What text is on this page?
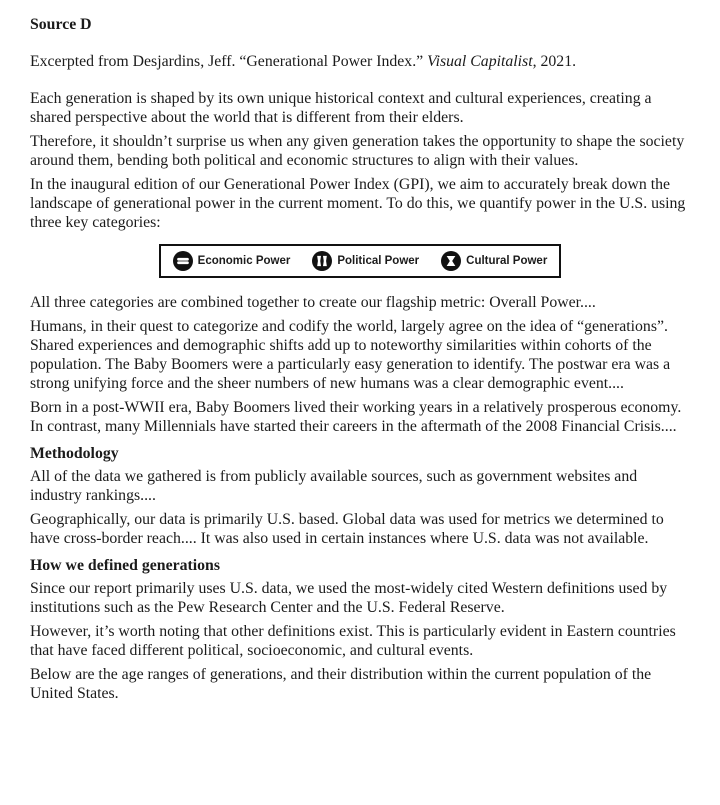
Source D

Excerpted from Desjardins, Jeff. “Generational Power Index.” Visual Capitalist, 2021.

Each generation is shaped by its own unique historical context and cultural experiences, creating a shared perspective about the world that is different from their elders.

Therefore, it shouldn’t surprise us when any given generation takes the opportunity to shape the society around them, bending both political and economic structures to align with their values.

In the inaugural edition of our Generational Power Index (GPI), we aim to accurately break down the landscape of generational power in the current moment. To do this, we quantify power in the U.S. using three key categories:

Economic Power	Political Power	Cultural Power

All three categories are combined together to create our flagship metric: Overall Power....

Humans, in their quest to categorize and codify the world, largely agree on the idea of “generations”. Shared experiences and demographic shifts add up to noteworthy similarities within cohorts of the population. The Baby Boomers were a particularly easy generation to identify. The postwar era was a strong unifying force and the sheer numbers of new humans was a clear demographic event....

Born in a post-WWII era, Baby Boomers lived their working years in a relatively prosperous economy. In contrast, many Millennials have started their careers in the aftermath of the 2008 Financial Crisis....

Methodology

All of the data we gathered is from publicly available sources, such as government websites and industry rankings....

Geographically, our data is primarily U.S. based. Global data was used for metrics we determined to have cross-border reach.... It was also used in certain instances where U.S. data was not available.

How we defined generations

Since our report primarily uses U.S. data, we used the most-widely cited Western definitions used by institutions such as the Pew Research Center and the U.S. Federal Reserve.

However, it’s worth noting that other definitions exist. This is particularly evident in Eastern countries that have faced different political, socioeconomic, and cultural events.

Below are the age ranges of generations, and their distribution within the current population of the United States.
